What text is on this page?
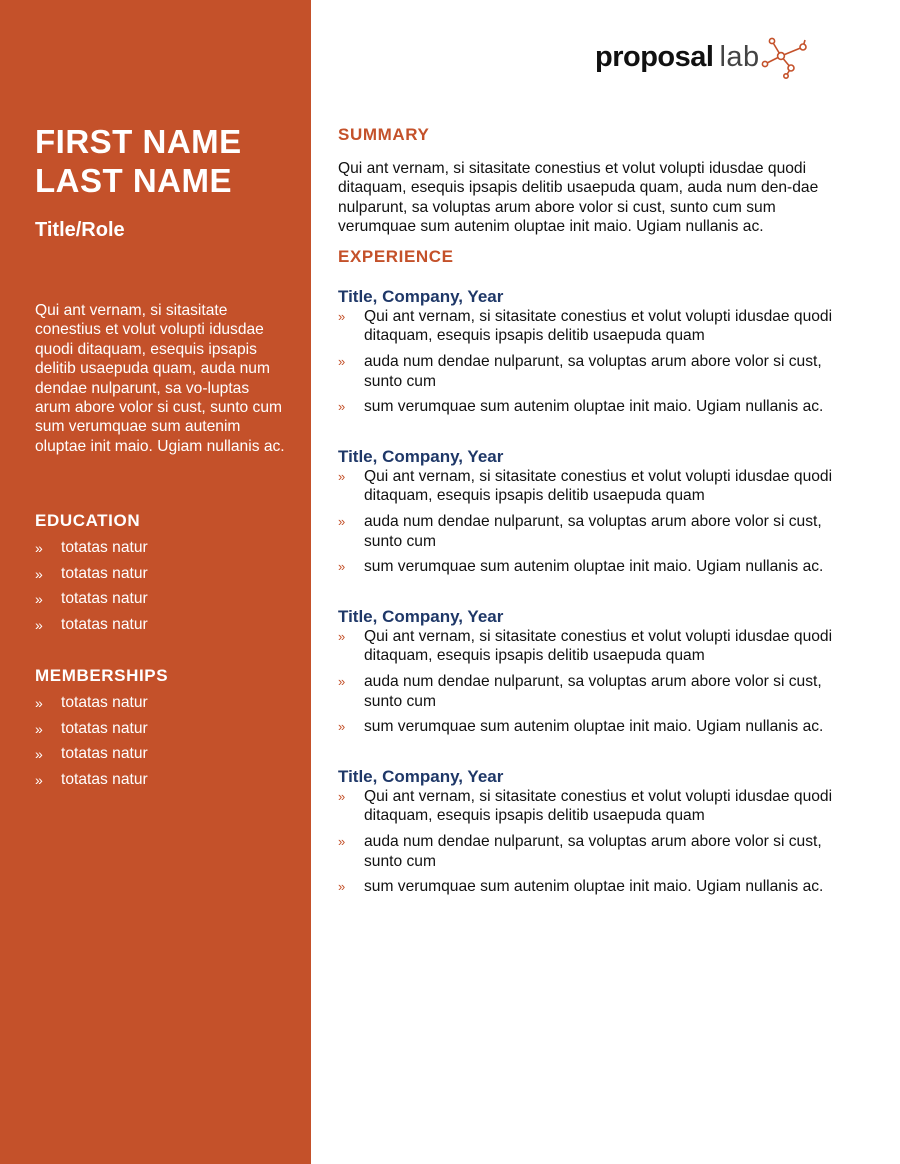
FIRST NAME
LAST NAME
Title/Role

Qui ant vernam, si sitasitate conestius et volut volupti idusdae quodi ditaquam, esequis ipsapis delitib usaepuda quam, auda num dendae nulparunt, sa vo-luptas arum abore volor si cust, sunto cum sum verumquae sum autenim oluptae init maio. Ugiam nullanis ac.

EDUCATION
»	totatas natur
»	totatas natur
»	totatas natur
»	totatas natur
MEMBERSHIPS
»	totatas natur
»	totatas natur
»	totatas natur
»	totatas natur
proposal lab
SUMMARY

Qui ant vernam, si sitasitate conestius et volut volupti idusdae quodi ditaquam, esequis ipsapis delitib usaepuda quam, auda num den-dae nulparunt, sa voluptas arum abore volor si cust, sunto cum sum verumquae sum autenim oluptae init maio. Ugiam nullanis ac.

EXPERIENCE
Title, Company, Year
»	Qui ant vernam, si sitasitate conestius et volut volupti idusdae quodi ditaquam, esequis ipsapis delitib usaepuda quam
»	auda num dendae nulparunt, sa voluptas arum abore volor si cust, sunto cum
»	sum verumquae sum autenim oluptae init maio. Ugiam nullanis ac.
Title, Company, Year
»	Qui ant vernam, si sitasitate conestius et volut volupti idusdae quodi ditaquam, esequis ipsapis delitib usaepuda quam
»	auda num dendae nulparunt, sa voluptas arum abore volor si cust, sunto cum
»	sum verumquae sum autenim oluptae init maio. Ugiam nullanis ac.
Title, Company, Year
»	Qui ant vernam, si sitasitate conestius et volut volupti idusdae quodi ditaquam, esequis ipsapis delitib usaepuda quam
»	auda num dendae nulparunt, sa voluptas arum abore volor si cust, sunto cum
»	sum verumquae sum autenim oluptae init maio. Ugiam nullanis ac.
Title, Company, Year
»	Qui ant vernam, si sitasitate conestius et volut volupti idusdae quodi ditaquam, esequis ipsapis delitib usaepuda quam
»	auda num dendae nulparunt, sa voluptas arum abore volor si cust, sunto cum
»	sum verumquae sum autenim oluptae init maio. Ugiam nullanis ac.
